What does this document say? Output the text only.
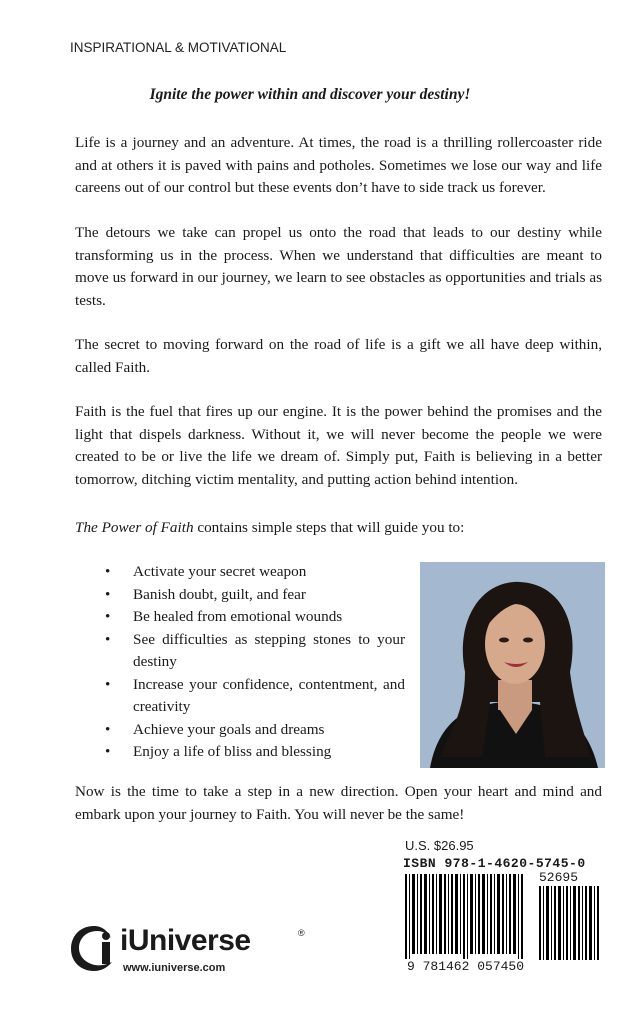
INSPIRATIONAL & MOTIVATIONAL
Ignite the power within and discover your destiny!

Life is a journey and an adventure. At times, the road is a thrilling rollercoaster ride and at others it is paved with pains and potholes. Sometimes we lose our way and life careens out of our control but these events don’t have to side track us forever.

The detours we take can propel us onto the road that leads to our destiny while transforming us in the process. When we understand that difficulties are meant to move us forward in our journey, we learn to see obstacles as opportunities and trials as tests.

The secret to moving forward on the road of life is a gift we all have deep within, called Faith.

Faith is the fuel that fires up our engine. It is the power behind the promises and the light that dispels darkness. Without it, we will never become the people we were created to be or live the life we dream of. Simply put, Faith is believing in a better tomorrow, ditching victim mentality, and putting action behind intention.

The Power of Faith contains simple steps that will guide you to:
• Activate your secret weapon
• Banish doubt, guilt, and fear
• Be healed from emotional wounds
• See difficulties as stepping stones to your destiny
• Increase your confidence, contentment, and creativity
• Achieve your goals and dreams
• Enjoy a life of bliss and blessing
U.S. $26.95
ISBN 978-1-4620-5745-0
52695
9 781462 057450
iUniverse	®
www.iuniverse.com

Now is the time to take a step in a new direction. Open your heart and mind and embark upon your journey to Faith. You will never be the same!
